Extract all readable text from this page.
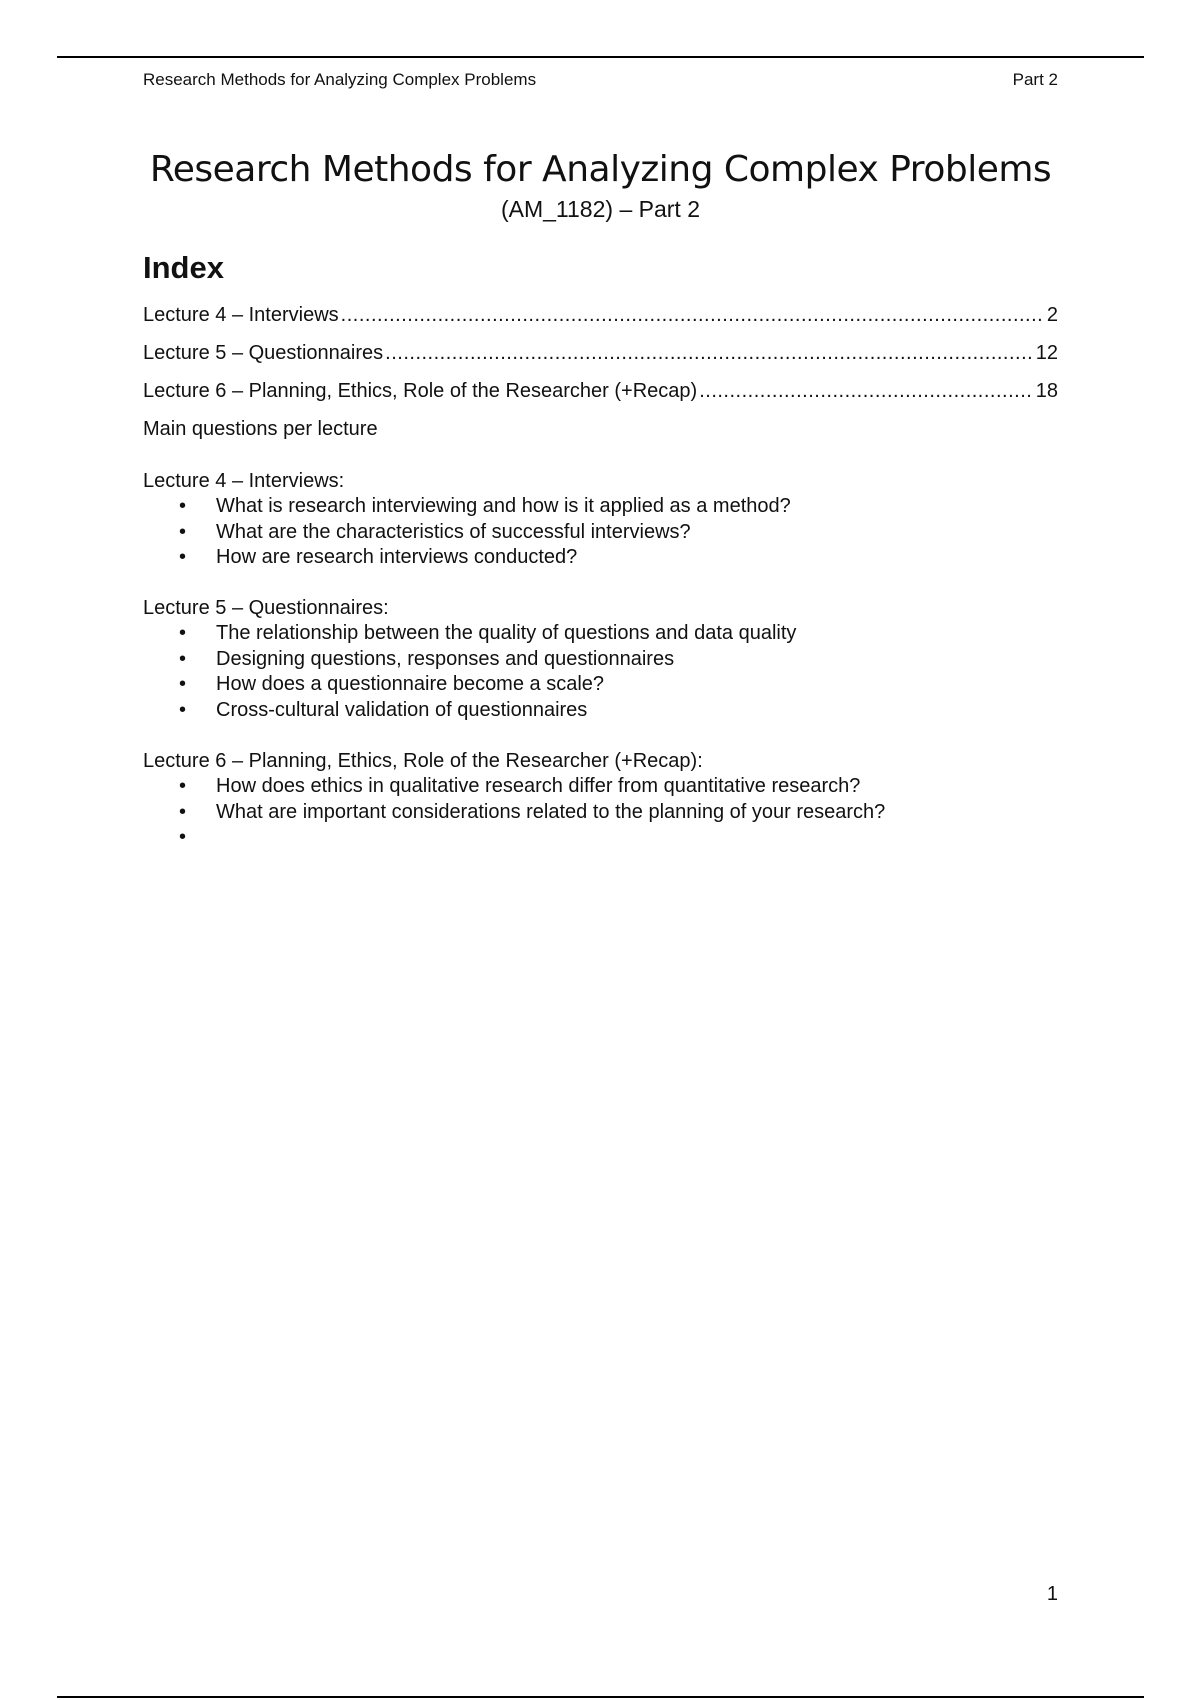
Research Methods for Analyzing Complex Problems	Part 2
Research Methods for Analyzing Complex Problems
(AM_1182) – Part 2
Index
Lecture 4 – Interviews .....	2
Lecture 5 – Questionnaires .....	12
Lecture 6 – Planning, Ethics, Role of the Researcher (+Recap) .....	18
Main questions per lecture
Lecture 4 – Interviews:
• What is research interviewing and how is it applied as a method?
• What are the characteristics of successful interviews?
• How are research interviews conducted?
Lecture 5 – Questionnaires:
• The relationship between the quality of questions and data quality
• Designing questions, responses and questionnaires
• How does a questionnaire become a scale?
• Cross-cultural validation of questionnaires
Lecture 6 – Planning, Ethics, Role of the Researcher (+Recap):
• How does ethics in qualitative research differ from quantitative research?
• What are important considerations related to the planning of your research?
•
1
